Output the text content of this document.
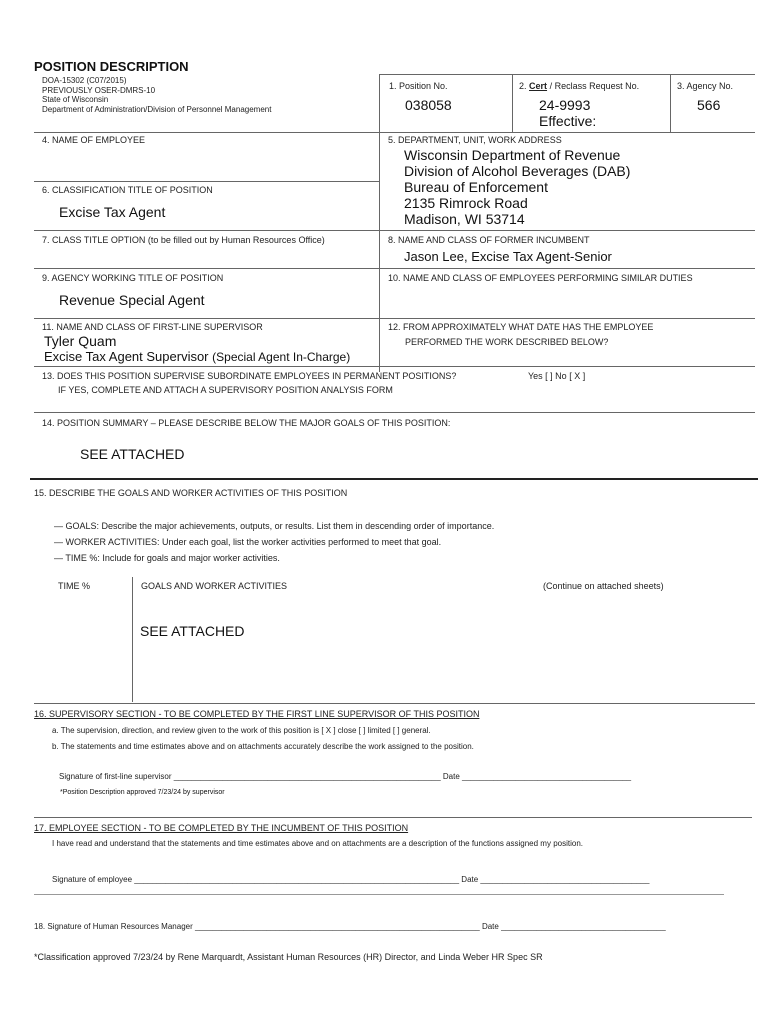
POSITION DESCRIPTION
DOA-15302 (C07/2015)
PREVIOUSLY OSER-DMRS-10
State of Wisconsin
Department of Administration/Division of Personnel Management
1. Position No.
038058
2. Cert / Reclass Request No.
24-9993
Effective:
3. Agency No.
566
4. NAME OF EMPLOYEE	5. DEPARTMENT, UNIT, WORK ADDRESS
Wisconsin Department of Revenue
Division of Alcohol Beverages (DAB)
Bureau of Enforcement
2135 Rimrock Road
Madison, WI 53714
6. CLASSIFICATION TITLE OF POSITION
Excise Tax Agent
7. CLASS TITLE OPTION (to be filled out by Human Resources Office)	8. NAME AND CLASS OF FORMER INCUMBENT
Jason Lee, Excise Tax Agent-Senior
9. AGENCY WORKING TITLE OF POSITION
Revenue Special Agent
10. NAME AND CLASS OF EMPLOYEES PERFORMING SIMILAR DUTIES
11. NAME AND CLASS OF FIRST-LINE SUPERVISOR
Tyler Quam
Excise Tax Agent Supervisor (Special Agent In-Charge)
12. FROM APPROXIMATELY WHAT DATE HAS THE EMPLOYEE
PERFORMED THE WORK DESCRIBED BELOW?
13. DOES THIS POSITION SUPERVISE SUBORDINATE EMPLOYEES IN PERMANENT POSITIONS?	Yes [ ] No [ X ]
IF YES, COMPLETE AND ATTACH A SUPERVISORY POSITION ANALYSIS FORM
14. POSITION SUMMARY – PLEASE DESCRIBE BELOW THE MAJOR GOALS OF THIS POSITION:
SEE ATTACHED
15. DESCRIBE THE GOALS AND WORKER ACTIVITIES OF THIS POSITION
— GOALS: Describe the major achievements, outputs, or results. List them in descending order of importance.
— WORKER ACTIVITIES: Under each goal, list the worker activities performed to meet that goal.
— TIME %: Include for goals and major worker activities.
TIME %	GOALS AND WORKER ACTIVITIES	(Continue on attached sheets)
SEE ATTACHED
16. SUPERVISORY SECTION - TO BE COMPLETED BY THE FIRST LINE SUPERVISOR OF THIS POSITION
a. The supervision, direction, and review given to the work of this position is [ X ] close [ ] limited [ ] general.
b. The statements and time estimates above and on attachments accurately describe the work assigned to the position.
Signature of first-line supervisor ____________________________________________________________ Date ______________________________________
*Position Description approved 7/23/24 by supervisor
17. EMPLOYEE SECTION - TO BE COMPLETED BY THE INCUMBENT OF THIS POSITION
I have read and understand that the statements and time estimates above and on attachments are a description of the functions assigned my position.
Signature of employee _________________________________________________________________________ Date ______________________________________
18. Signature of Human Resources Manager ________________________________________________________________ Date _____________________________________
*Classification approved 7/23/24 by Rene Marquardt, Assistant Human Resources (HR) Director, and Linda Weber HR Spec SR
